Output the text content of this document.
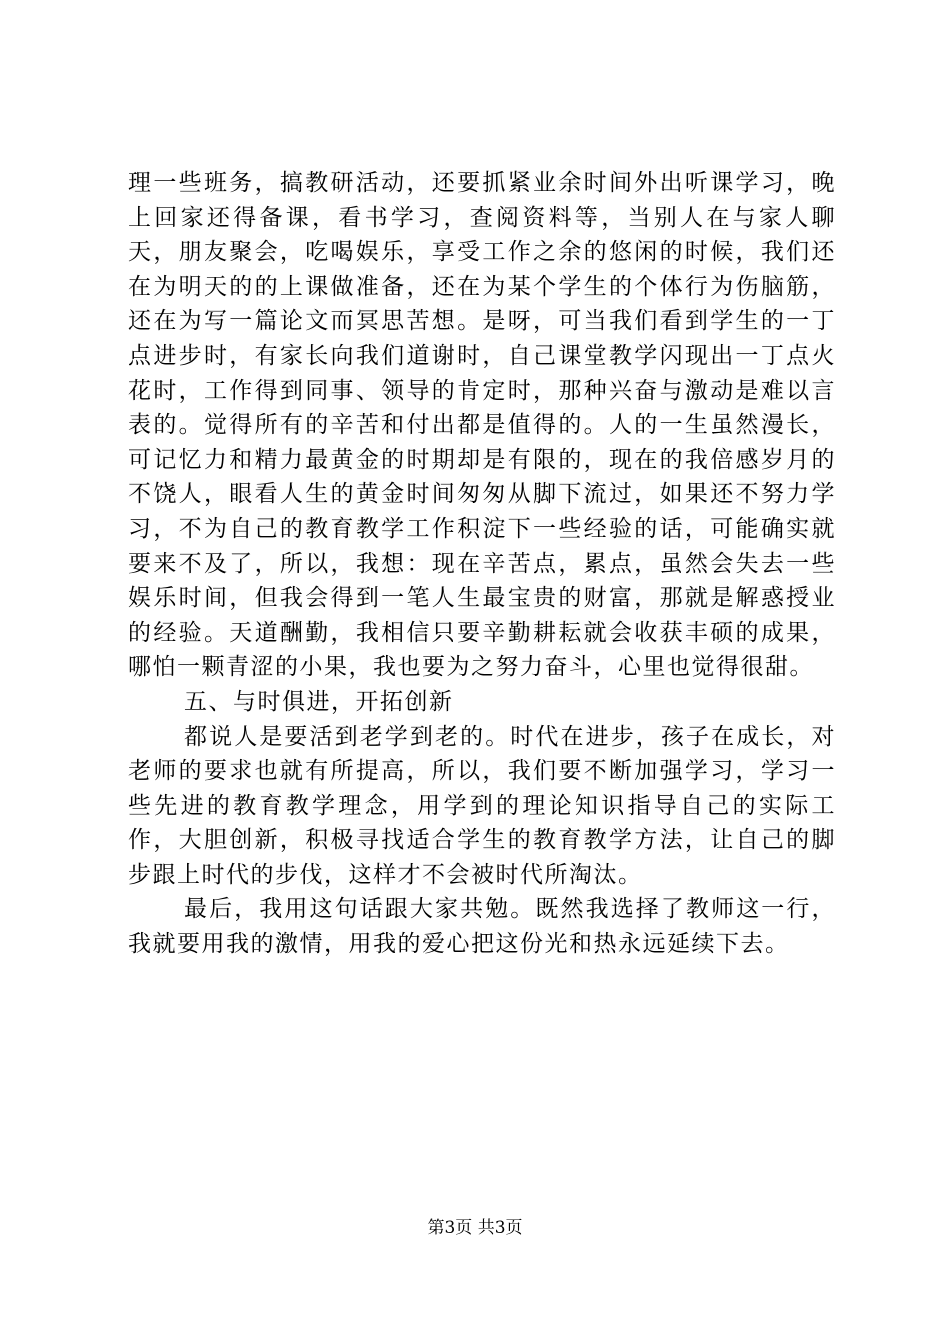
理一些班务，搞教研活动，还要抓紧业余时间外出听课学习，晚上回家还得备课，看书学习，查阅资料等，当别人在与家人聊天，朋友聚会，吃喝娱乐，享受工作之余的悠闲的时候，我们还在为明天的的上课做准备，还在为某个学生的个体行为伤脑筋，还在为写一篇论文而冥思苦想。是呀，可当我们看到学生的一丁点进步时，有家长向我们道谢时，自己课堂教学闪现出一丁点火花时，工作得到同事、领导的肯定时，那种兴奋与激动是难以言表的。觉得所有的辛苦和付出都是值得的。人的一生虽然漫长，可记忆力和精力最黄金的时期却是有限的，现在的我倍感岁月的不饶人，眼看人生的黄金时间匆匆从脚下流过，如果还不努力学习，不为自己的教育教学工作积淀下一些经验的话，可能确实就要来不及了，所以，我想：现在辛苦点，累点，虽然会失去一些娱乐时间，但我会得到一笔人生最宝贵的财富，那就是解惑授业的经验。天道酬勤，我相信只要辛勤耕耘就会收获丰硕的成果，哪怕一颗青涩的小果，我也要为之努力奋斗，心里也觉得很甜。

五、与时俱进，开拓创新

都说人是要活到老学到老的。时代在进步，孩子在成长，对老师的要求也就有所提高，所以，我们要不断加强学习，学习一些先进的教育教学理念，用学到的理论知识指导自己的实际工作，大胆创新，积极寻找适合学生的教育教学方法，让自己的脚步跟上时代的步伐，这样才不会被时代所淘汰。

最后，我用这句话跟大家共勉。既然我选择了教师这一行，我就要用我的激情，用我的爱心把这份光和热永远延续下去。

第3页 共3页
